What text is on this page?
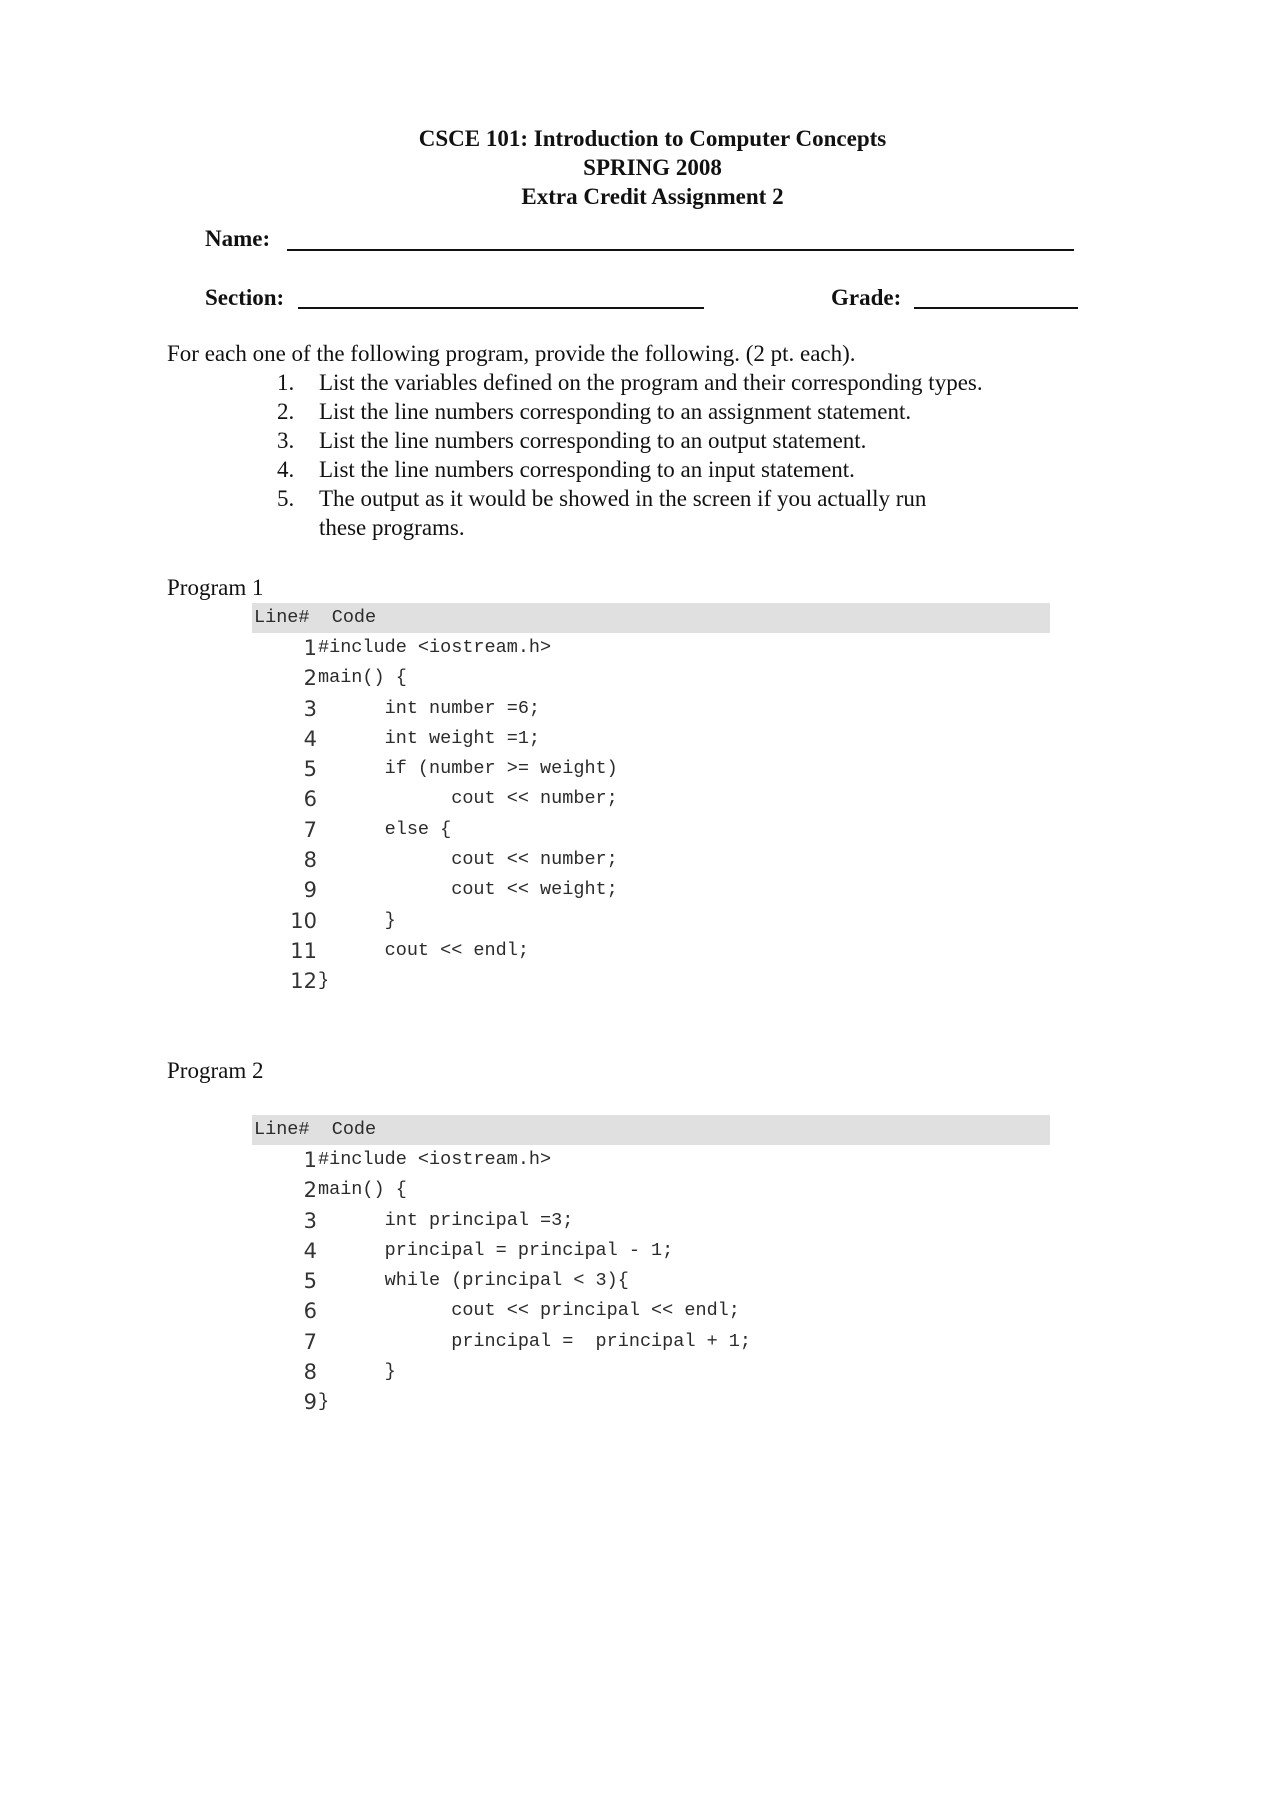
CSCE 101: Introduction to Computer Concepts
SPRING 2008
Extra Credit Assignment 2
Name:
Section:	Grade:
For each one of the following program, provide the following. (2 pt. each).
1. List the variables defined on the program and their corresponding types.
2. List the line numbers corresponding to an assignment statement.
3. List the line numbers corresponding to an output statement.
4. List the line numbers corresponding to an input statement.
5. The output as it would be showed in the screen if you actually run these programs.
Program 1
Line#  Code
1 #include <iostream.h>
2 main() {
3 int number =6;
4 int weight =1;
5 if (number >= weight)
6 cout << number;
7 else {
8 cout << number;
9 cout << weight;
10 }
11 cout << endl;
12 }
Program 2
Line#  Code
1 #include <iostream.h>
2 main() {
3 int principal =3;
4 principal = principal - 1;
5 while (principal < 3){
6 cout << principal << endl;
7 principal =  principal + 1;
8 }
9 }
